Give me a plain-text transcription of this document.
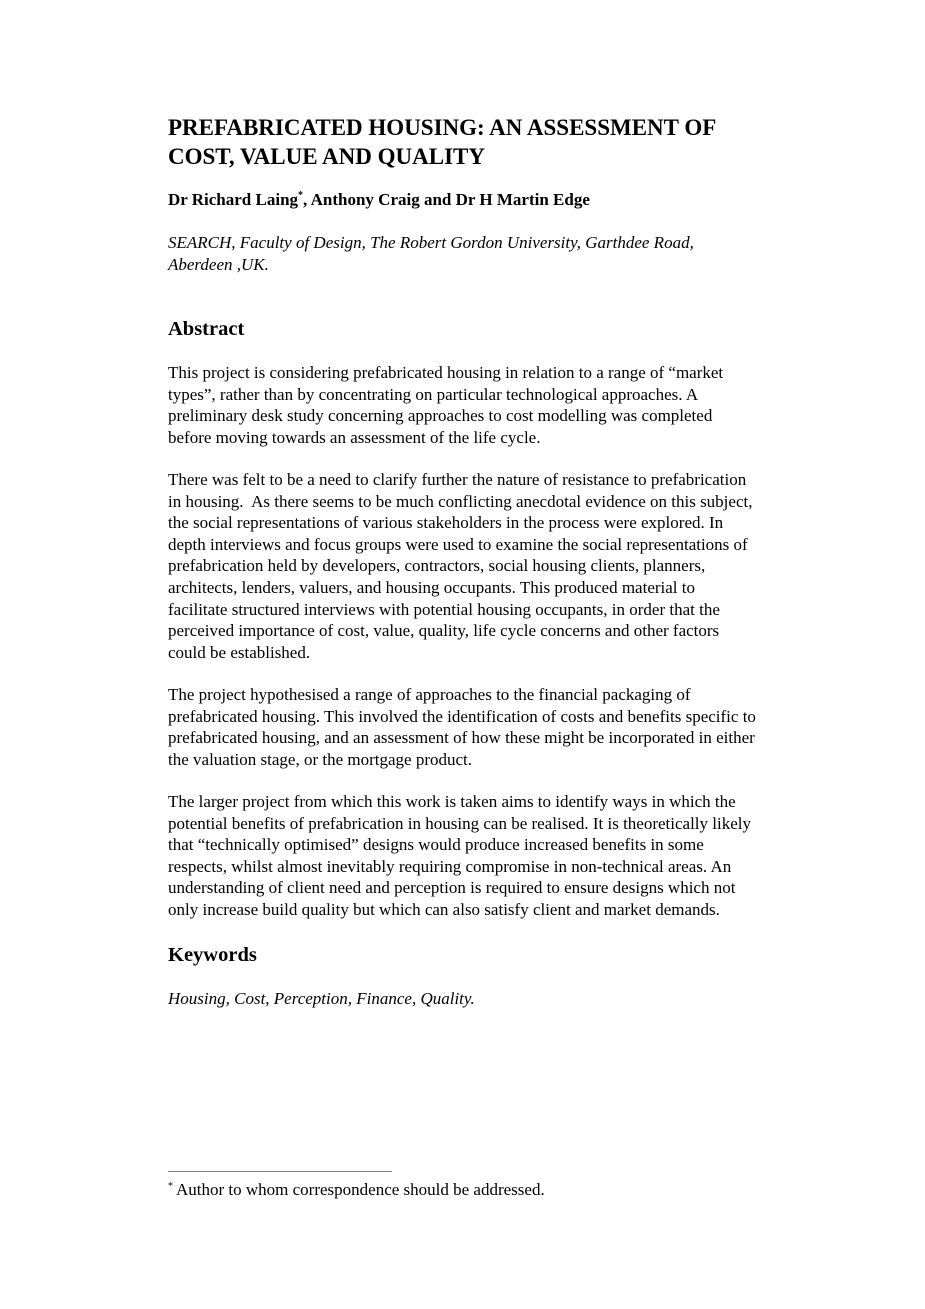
PREFABRICATED HOUSING: AN ASSESSMENT OF
COST, VALUE AND QUALITY
Dr Richard Laing*, Anthony Craig and Dr H Martin Edge
SEARCH, Faculty of Design, The Robert Gordon University, Garthdee Road,
Aberdeen ,UK.
Abstract

This project is considering prefabricated housing in relation to a range of “market
types”, rather than by concentrating on particular technological approaches. A
preliminary desk study concerning approaches to cost modelling was completed
before moving towards an assessment of the life cycle.

There was felt to be a need to clarify further the nature of resistance to prefabrication
in housing.  As there seems to be much conflicting anecdotal evidence on this subject,
the social representations of various stakeholders in the process were explored. In
depth interviews and focus groups were used to examine the social representations of
prefabrication held by developers, contractors, social housing clients, planners,
architects, lenders, valuers, and housing occupants. This produced material to
facilitate structured interviews with potential housing occupants, in order that the
perceived importance of cost, value, quality, life cycle concerns and other factors
could be established.

The project hypothesised a range of approaches to the financial packaging of
prefabricated housing. This involved the identification of costs and benefits specific to
prefabricated housing, and an assessment of how these might be incorporated in either
the valuation stage, or the mortgage product.

The larger project from which this work is taken aims to identify ways in which the
potential benefits of prefabrication in housing can be realised. It is theoretically likely
that “technically optimised” designs would produce increased benefits in some
respects, whilst almost inevitably requiring compromise in non-technical areas. An
understanding of client need and perception is required to ensure designs which not
only increase build quality but which can also satisfy client and market demands.

Keywords
Housing, Cost, Perception, Finance, Quality.
* Author to whom correspondence should be addressed.
